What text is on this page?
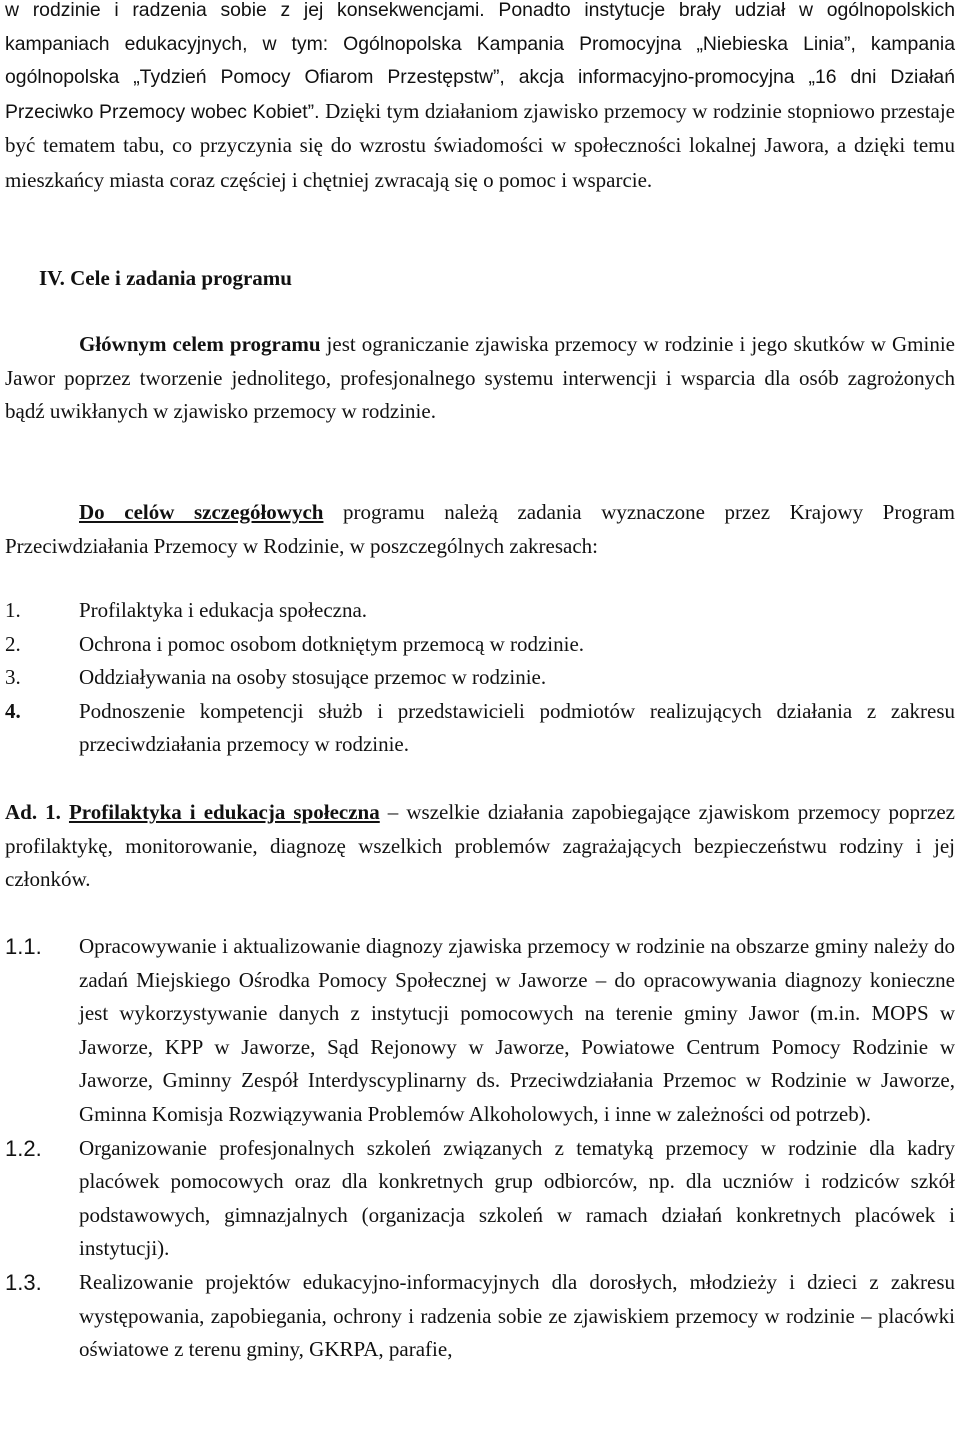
w rodzinie i radzenia sobie z jej konsekwencjami. Ponadto instytucje brały udział w ogólnopolskich kampaniach edukacyjnych, w tym: Ogólnopolska Kampania Promocyjna „Niebieska Linia”, kampania ogólnopolska „Tydzień Pomocy Ofiarom Przestępstw”, akcja informacyjno-promocyjna „16 dni Działań Przeciwko Przemocy wobec Kobiet”. Dzięki tym działaniom zjawisko przemocy w rodzinie stopniowo przestaje być tematem tabu, co przyczynia się do wzrostu świadomości w społeczności lokalnej Jawora, a dzięki temu mieszkańcy miasta coraz częściej i chętniej zwracają się o pomoc i wsparcie.
IV. Cele i zadania programu

Głównym celem programu jest ograniczanie zjawiska przemocy w rodzinie i jego skutków w Gminie Jawor poprzez tworzenie jednolitego, profesjonalnego systemu interwencji i wsparcia dla osób zagrożonych bądź uwikłanych w zjawisko przemocy w rodzinie.

Do celów szczegółowych programu należą zadania wyznaczone przez Krajowy Program Przeciwdziałania Przemocy w Rodzinie, w poszczególnych zakresach:

1.	Profilaktyka i edukacja społeczna.
2.	Ochrona i pomoc osobom dotkniętym przemocą w rodzinie.
3.	Oddziaływania na osoby stosujące przemoc w rodzinie.
4.	Podnoszenie kompetencji służb i przedstawicieli podmiotów realizujących działania z zakresu przeciwdziałania przemocy w rodzinie.
Ad. 1. Profilaktyka i edukacja społeczna – wszelkie działania zapobiegające zjawiskom przemocy poprzez profilaktykę, monitorowanie, diagnozę wszelkich problemów zagrażających bezpieczeństwu rodziny i jej członków.
1.1.	Opracowywanie i aktualizowanie diagnozy zjawiska przemocy w rodzinie na obszarze gminy należy do zadań Miejskiego Ośrodka Pomocy Społecznej w Jaworze – do opracowywania diagnozy konieczne jest wykorzystywanie danych z instytucji pomocowych na terenie gminy Jawor (m.in. MOPS w Jaworze, KPP w Jaworze, Sąd Rejonowy w Jaworze, Powiatowe Centrum Pomocy Rodzinie w Jaworze, Gminny Zespół Interdyscyplinarny ds. Przeciwdziałania Przemoc w Rodzinie w Jaworze, Gminna Komisja Rozwiązywania Problemów Alkoholowych, i inne w zależności od potrzeb).
1.2.	Organizowanie profesjonalnych szkoleń związanych z tematyką przemocy w rodzinie dla kadry placówek pomocowych oraz dla konkretnych grup odbiorców, np. dla uczniów i rodziców szkół podstawowych, gimnazjalnych (organizacja szkoleń w ramach działań konkretnych placówek i instytucji).
1.3.	Realizowanie projektów edukacyjno-informacyjnych dla dorosłych, młodzieży i dzieci z zakresu występowania, zapobiegania, ochrony i radzenia sobie ze zjawiskiem przemocy w rodzinie – placówki oświatowe z terenu gminy, GKRPA, parafie,
